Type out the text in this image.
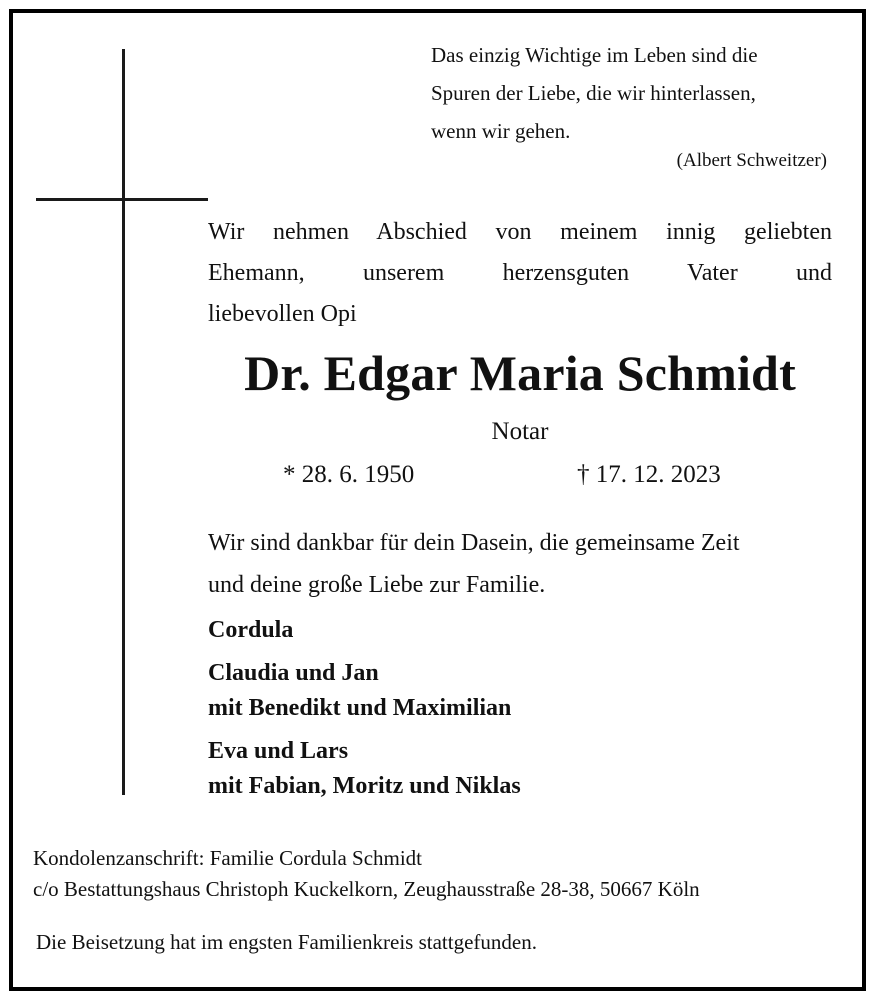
Das einzig Wichtige im Leben sind die
Spuren der Liebe, die wir hinterlassen,
wenn wir gehen.
(Albert Schweitzer)
Wir nehmen Abschied von meinem innig geliebten
Ehemann, unserem herzensguten Vater und
liebevollen Opi
Dr. Edgar Maria Schmidt
Notar
* 28. 6. 1950	† 17. 12. 2023
Wir sind dankbar für dein Dasein, die gemeinsame Zeit
und deine große Liebe zur Familie.
Cordula
Claudia und Jan
mit Benedikt und Maximilian
Eva und Lars
mit Fabian, Moritz und Niklas
Kondolenzanschrift: Familie Cordula Schmidt
c/o Bestattungshaus Christoph Kuckelkorn, Zeughausstraße 28-38, 50667 Köln
Die Beisetzung hat im engsten Familienkreis stattgefunden.
